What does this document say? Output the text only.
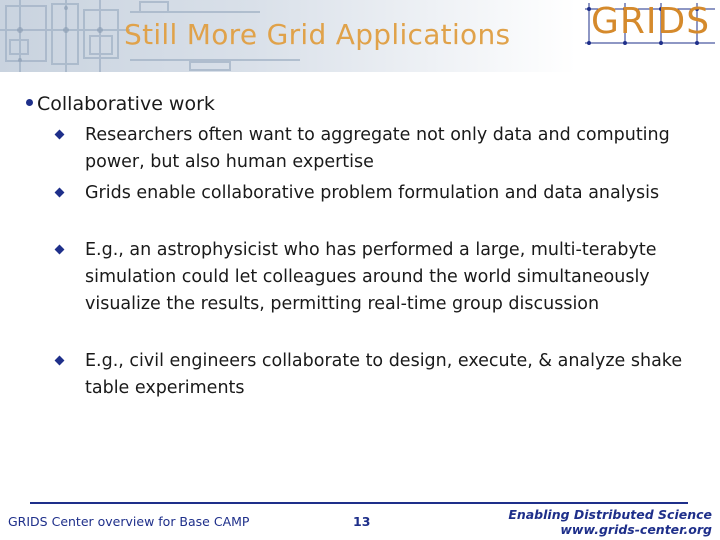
Still More Grid Applications GRIDS
Collaborative work
Researchers often want to aggregate not only data and computing power, but also human expertise
Grids enable collaborative problem formulation and data analysis
E.g., an astrophysicist who has performed a large, multi-terabyte simulation could let colleagues around the world simultaneously visualize the results, permitting real-time group discussion
E.g., civil engineers collaborate to design, execute, & analyze shake table experiments
GRIDS Center overview for Base CAMP	13	Enabling Distributed Science
www.grids-center.org
